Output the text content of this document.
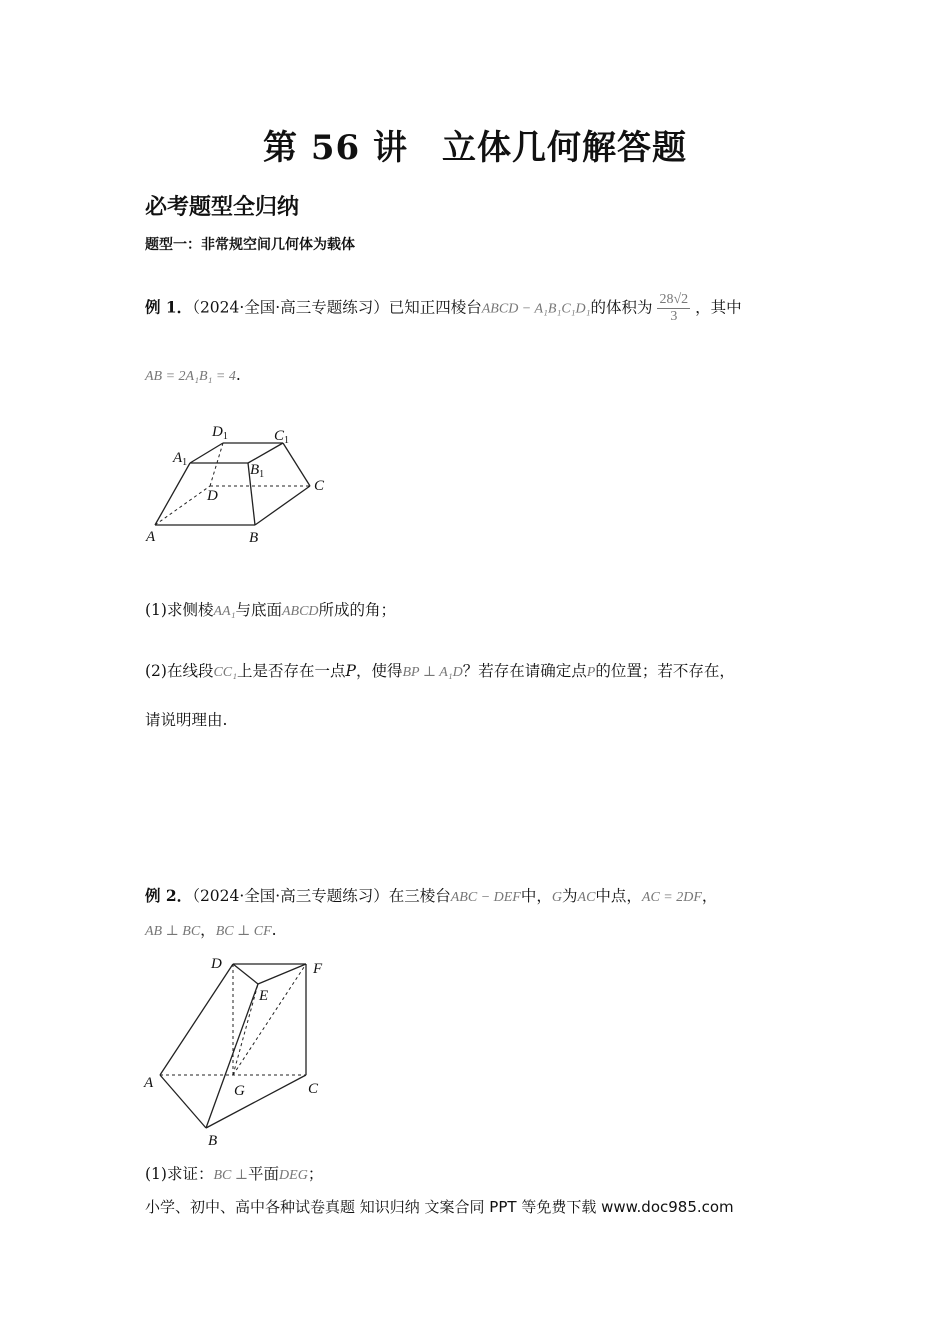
第 56 讲 立体几何解答题
必考题型全归纳
题型一：非常规空间几何体为载体
例 1．（2024·全国·高三专题练习）已知正四棱台ABCD − A₁B₁C₁D₁的体积为 $\frac{28√2}{3}$ ，其中
AB = 2A₁B₁ = 4.
$D_1$	$C_1$
$A_1$	$B_1$
D
C
A	B
(1)求侧棱AA₁与底面ABCD所成的角；
(2)在线段CC₁上是否存在一点P，使得BP ⊥ A₁D？若存在请确定点P的位置；若不存在，
请说明理由.
例 2．（2024·全国·高三专题练习）在三棱台ABC − DEF中，G为AC中点，AC = 2DF，
AB ⊥ BC，BC ⊥ CF.
D
E
F
A	G	C
B
(1)求证：BC ⊥平面DEG；
小学、初中、高中各种试卷真题 知识归纳 文案合同 PPT 等免费下载 www.doc985.com
